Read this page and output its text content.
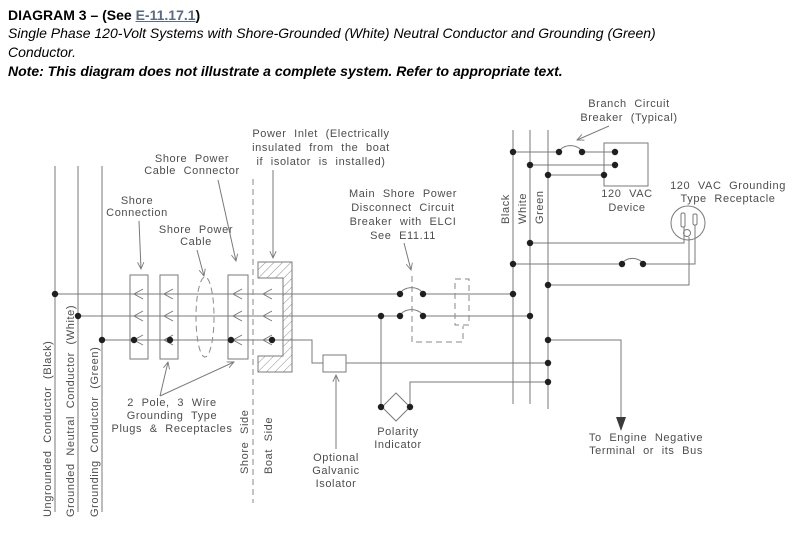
DIAGRAM 3 – (See E-11.17.1)
Single Phase 120-Volt Systems with Shore-Grounded (White) Neutral Conductor and Grounding (Green)
Conductor.
Note: This diagram does not illustrate a complete system. Refer to appropriate text.
Shore
Connection
Shore Power
Cable Connector
Shore Power
Cable
Power Inlet (Electrically
insulated from the boat
if isolator is installed)
Main Shore Power
Disconnect Circuit
Breaker with ELCI
See E11.11
Branch Circuit
Breaker (Typical)
120 VAC
Device
120 VAC Grounding
Type Receptacle
2 Pole, 3 Wire
Grounding Type
Plugs & Receptacles
Optional
Galvanic
Isolator
Polarity
Indicator
To Engine Negative
Terminal or its Bus
Shore Side Boat Side
Ungrounded Conductor (Black) Grounded Neutral Conductor (White) Grounding Conductor (Green)
Black White Green
